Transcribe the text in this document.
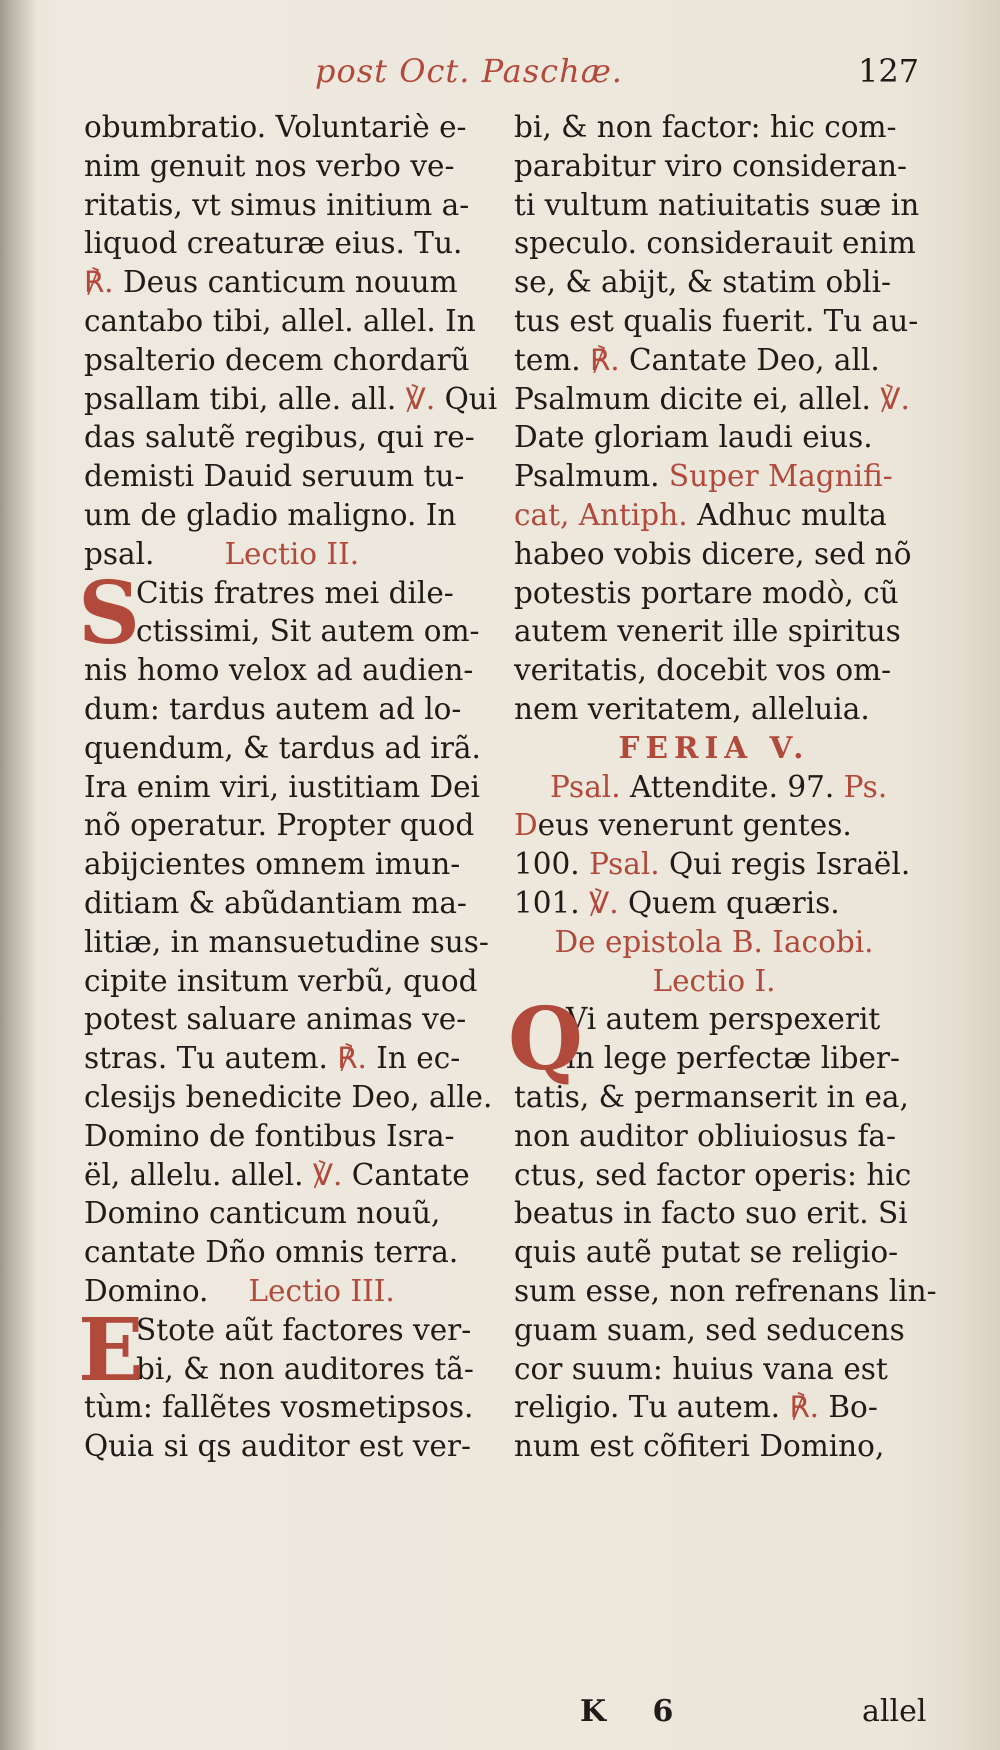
post Oct. Paschæ.	127
obumbratio. Voluntariè e-
nim genuit nos verbo ve-
ritatis, vt simus initium a-
liquod creaturæ eius. Tu.
℟. Deus canticum nouum
cantabo tibi, allel. allel. In
psalterio decem chordarũ
psallam tibi, alle. all. ℣. Qui
das salutẽ regibus, qui re-
demisti Dauid seruum tu-
um de gladio maligno. In
psal. Lectio II.
S
Citis fratres mei dile-
ctissimi, Sit autem om-
nis homo velox ad audien-
dum: tardus autem ad lo-
quendum, & tardus ad irã.
Ira enim viri, iustitiam Dei
nõ operatur. Propter quod
abijcientes omnem imun-
ditiam & abũdantiam ma-
litiæ, in mansuetudine sus-
cipite insitum verbũ, quod
potest saluare animas ve-
stras. Tu autem. ℟. In ec-
clesijs benedicite Deo, alle.
Domino de fontibus Isra-
ël, allelu. allel. ℣. Cantate
Domino canticum nouũ,
cantate Dño omnis terra.
Domino. Lectio III.
E
Stote aũt factores ver-
bi, & non auditores tã-
tùm: fallẽtes vosmetipsos.
Quia si qs auditor est ver-
bi, & non factor: hic com-
parabitur viro consideran-
ti vultum natiuitatis suæ in
speculo. considerauit enim
se, & abijt, & statim obli-
tus est qualis fuerit. Tu au-
tem. ℟. Cantate Deo, all.
Psalmum dicite ei, allel. ℣.
Date gloriam laudi eius.
Psalmum. Super Magnifi-
cat, Antiph. Adhuc multa
habeo vobis dicere, sed nõ
potestis portare modò, cũ
autem venerit ille spiritus
veritatis, docebit vos om-
nem veritatem, alleluia.
FERIA V.
Psal. Attendite. 97. Ps.
Deus venerunt gentes.
100. Psal. Qui regis Israël.
101. ℣. Quem quæris.
De epistola B. Iacobi.
Lectio I.
Q
Vi autem perspexerit
in lege perfectæ liber-
tatis, & permanserit in ea,
non auditor obliuiosus fa-
ctus, sed factor operis: hic
beatus in facto suo erit. Si
quis autẽ putat se religio-
sum esse, non refrenans lin-
guam suam, sed seducens
cor suum: huius vana est
religio. Tu autem. ℟. Bo-
num est cõfiteri Domino,
K 6	allel
